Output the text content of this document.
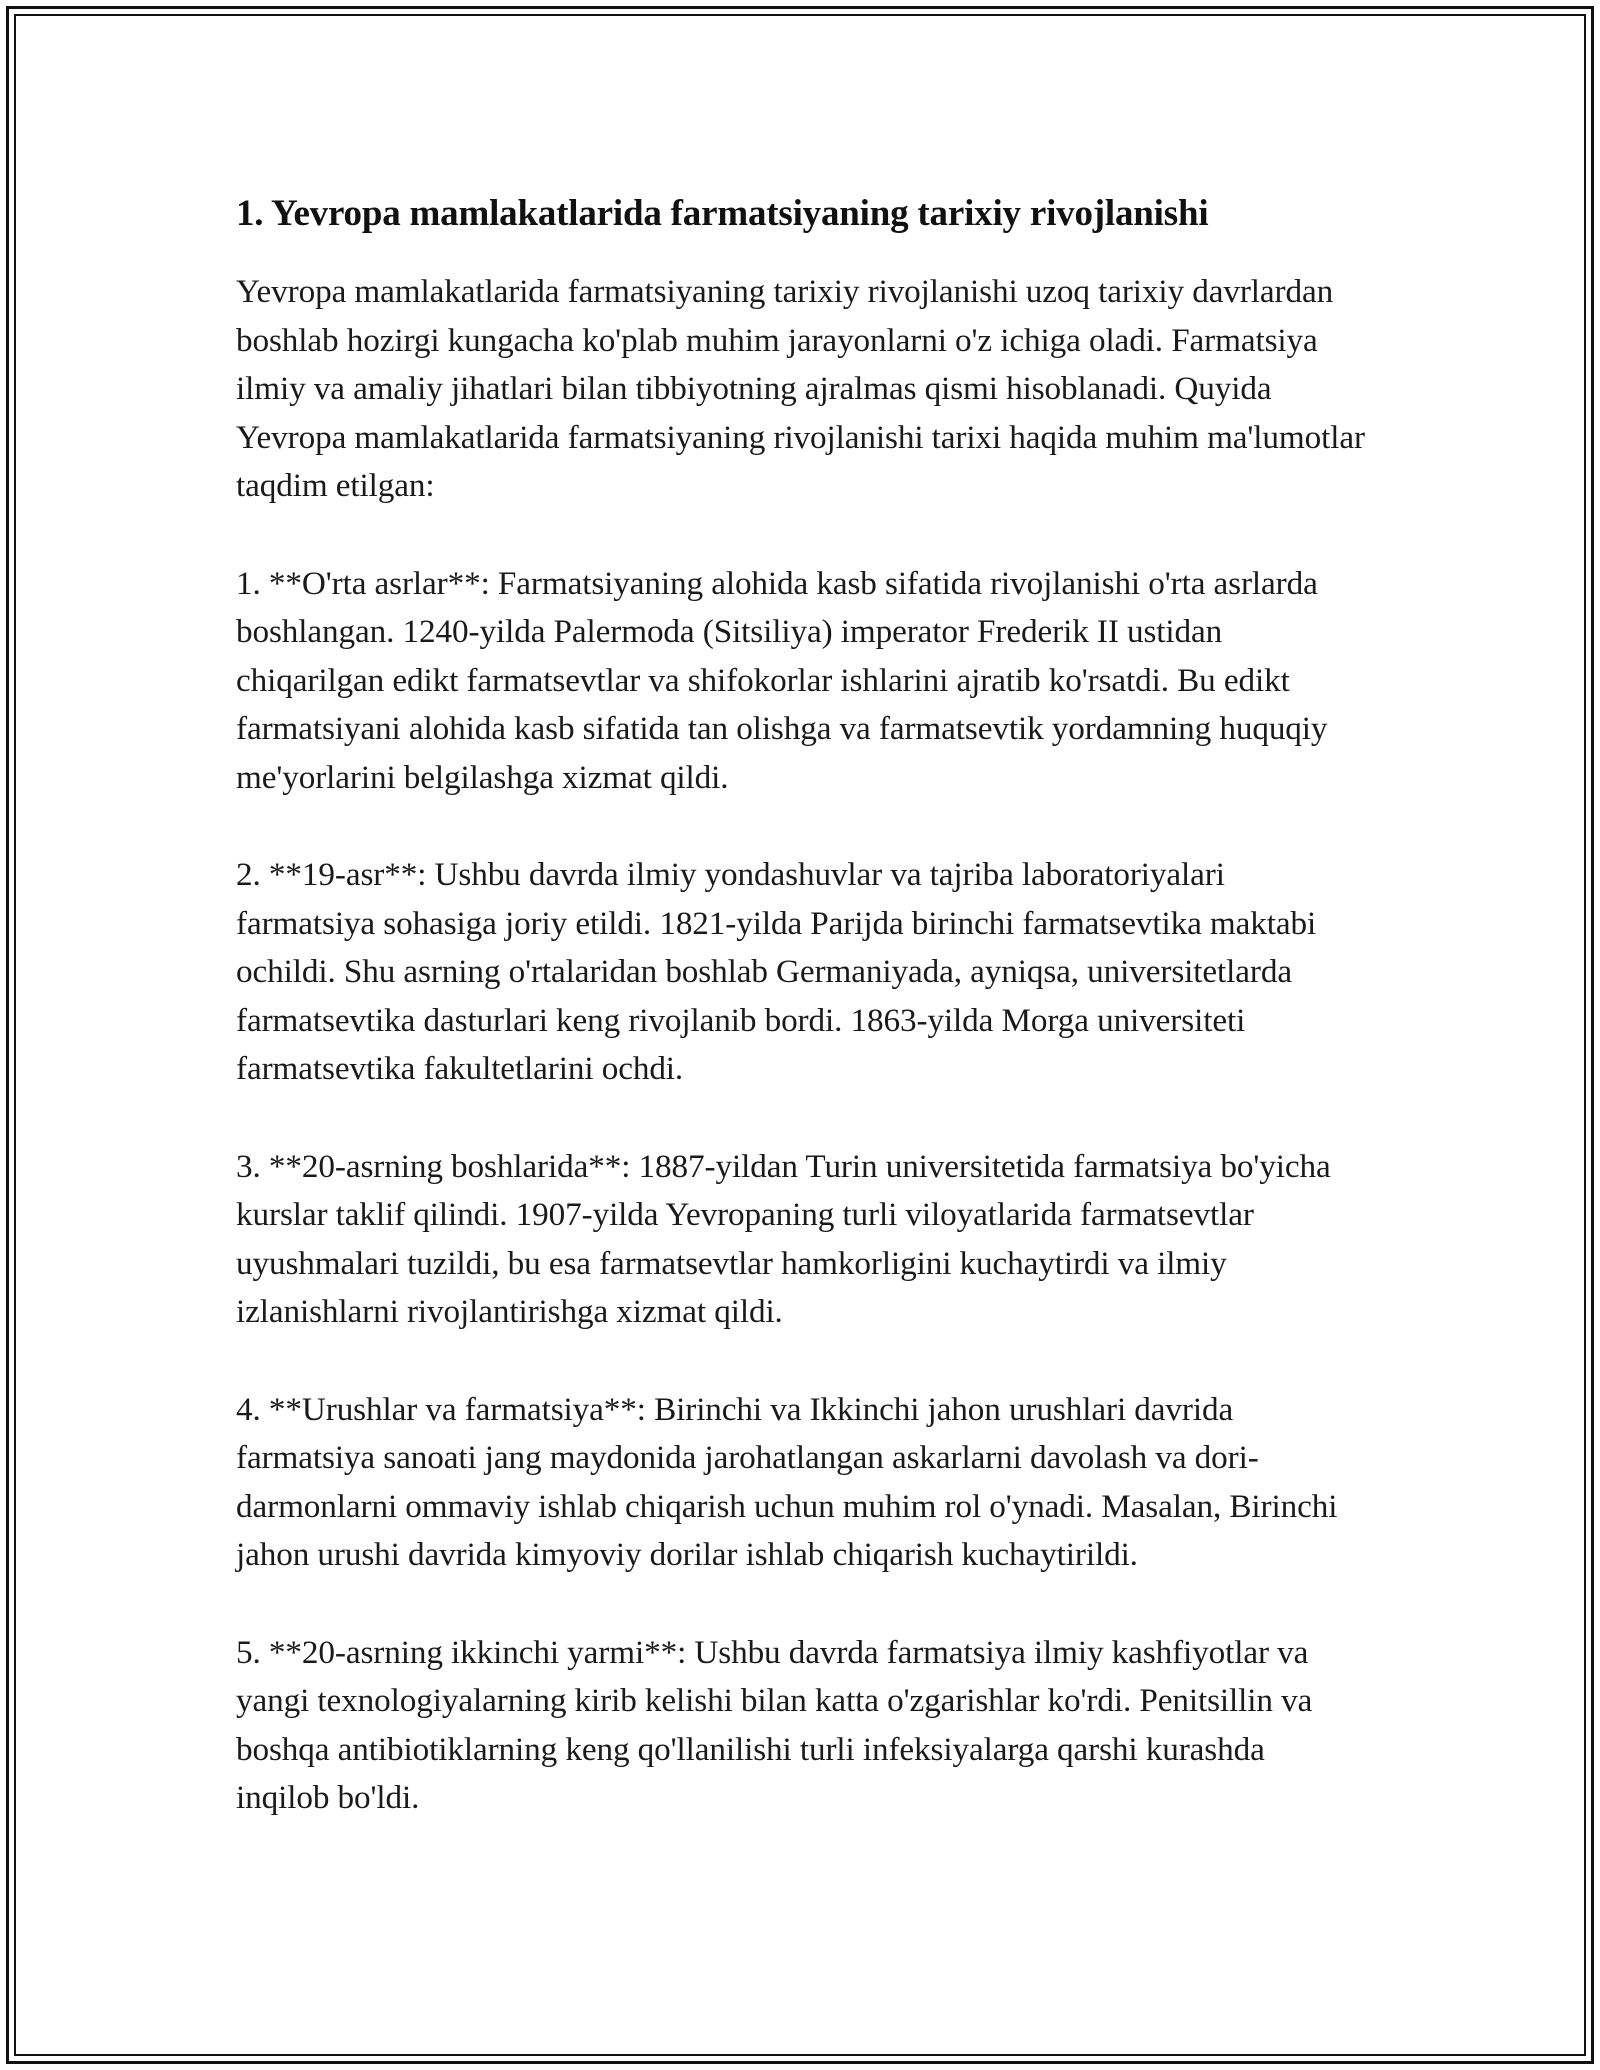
1. Yevropa mamlakatlarida farmatsiyaning tarixiy rivojlanishi

Yevropa mamlakatlarida farmatsiyaning tarixiy rivojlanishi uzoq tarixiy davrlardan boshlab hozirgi kungacha ko'plab muhim jarayonlarni o'z ichiga oladi. Farmatsiya ilmiy va amaliy jihatlari bilan tibbiyotning ajralmas qismi hisoblanadi. Quyida Yevropa mamlakatlarida farmatsiyaning rivojlanishi tarixi haqida muhim ma'lumotlar taqdim etilgan:

1. **O'rta asrlar**: Farmatsiyaning alohida kasb sifatida rivojlanishi o'rta asrlarda boshlangan. 1240-yilda Palermoda (Sitsiliya) imperator Frederik II ustidan chiqarilgan edikt farmatsevtlar va shifokorlar ishlarini ajratib ko'rsatdi. Bu edikt farmatsiyani alohida kasb sifatida tan olishga va farmatsevtik yordamning huquqiy me'yorlarini belgilashga xizmat qildi.

2. **19-asr**: Ushbu davrda ilmiy yondashuvlar va tajriba laboratoriyalari farmatsiya sohasiga joriy etildi. 1821-yilda Parijda birinchi farmatsevtika maktabi ochildi. Shu asrning o'rtalaridan boshlab Germaniyada, ayniqsa, universitetlarda farmatsevtika dasturlari keng rivojlanib bordi. 1863-yilda Morga universiteti farmatsevtika fakultetlarini ochdi.

3. **20-asrning boshlarida**: 1887-yildan Turin universitetida farmatsiya bo'yicha kurslar taklif qilindi. 1907-yilda Yevropaning turli viloyatlarida farmatsevtlar uyushmalari tuzildi, bu esa farmatsevtlar hamkorligini kuchaytirdi va ilmiy izlanishlarni rivojlantirishga xizmat qildi.

4. **Urushlar va farmatsiya**: Birinchi va Ikkinchi jahon urushlari davrida farmatsiya sanoati jang maydonida jarohatlangan askarlarni davolash va dori-darmonlarni ommaviy ishlab chiqarish uchun muhim rol o'ynadi. Masalan, Birinchi jahon urushi davrida kimyoviy dorilar ishlab chiqarish kuchaytirildi.

5. **20-asrning ikkinchi yarmi**: Ushbu davrda farmatsiya ilmiy kashfiyotlar va yangi texnologiyalarning kirib kelishi bilan katta o'zgarishlar ko'rdi. Penitsillin va boshqa antibiotiklarning keng qo'llanilishi turli infeksiyalarga qarshi kurashda inqilob bo'ldi.
